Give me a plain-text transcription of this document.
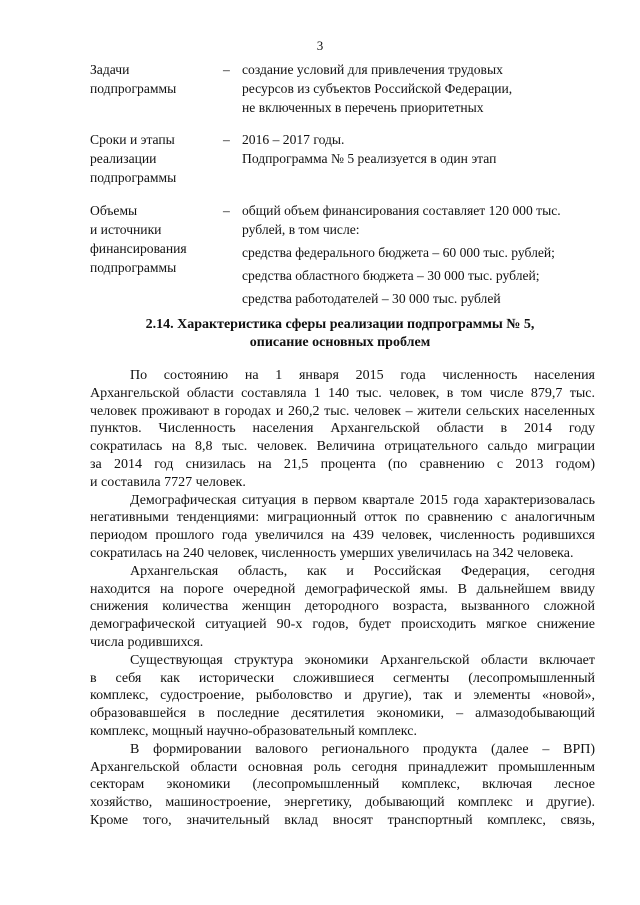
3
Задачи
подпрограммы
– создание условий для привлечения трудовых
ресурсов из субъектов Российской Федерации,
не включенных в перечень приоритетных
Сроки и этапы
реализации
подпрограммы
– 2016 – 2017 годы.
Подпрограмма № 5 реализуется в один этап
Объемы
и источники
финансирования
подпрограммы
– общий объем финансирования составляет 120 000 тыс.
рублей, в том числе:
средства федерального бюджета – 60 000 тыс. рублей;
средства областного бюджета – 30 000 тыс. рублей;
средства работодателей – 30 000 тыс. рублей
2.14. Характеристика сферы реализации подпрограммы № 5,
описание основных проблем
По состоянию на 1 января 2015 года численность населения
Архангельской области составляла 1 140 тыс. человек, в том числе 879,7 тыс.
человек проживают в городах и 260,2 тыс. человек – жители сельских населенных
пунктов. Численность населения Архангельской области в 2014 году
сократилась на 8,8 тыс. человек. Величина отрицательного сальдо миграции
за 2014 год снизилась на 21,5 процента (по сравнению с 2013 годом)
и составила 7727 человек.
Демографическая ситуация в первом квартале 2015 года характеризовалась
негативными тенденциями: миграционный отток по сравнению с аналогичным
периодом прошлого года увеличился на 439 человек, численность родившихся
сократилась на 240 человек, численность умерших увеличилась на 342 человека.
Архангельская область, как и Российская Федерация, сегодня
находится на пороге очередной демографической ямы. В дальнейшем ввиду
снижения количества женщин детородного возраста, вызванного сложной
демографической ситуацией 90-х годов, будет происходить мягкое снижение
числа родившихся.
Существующая структура экономики Архангельской области включает
в себя как исторически сложившиеся сегменты (лесопромышленный
комплекс, судостроение, рыболовство и другие), так и элементы «новой»,
образовавшейся в последние десятилетия экономики, – алмазодобывающий
комплекс, мощный научно-образовательный комплекс.
В формировании валового регионального продукта (далее – ВРП)
Архангельской области основная роль сегодня принадлежит промышленным
секторам экономики (лесопромышленный комплекс, включая лесное
хозяйство, машиностроение, энергетику, добывающий комплекс и другие).
Кроме того, значительный вклад вносят транспортный комплекс, связь,
